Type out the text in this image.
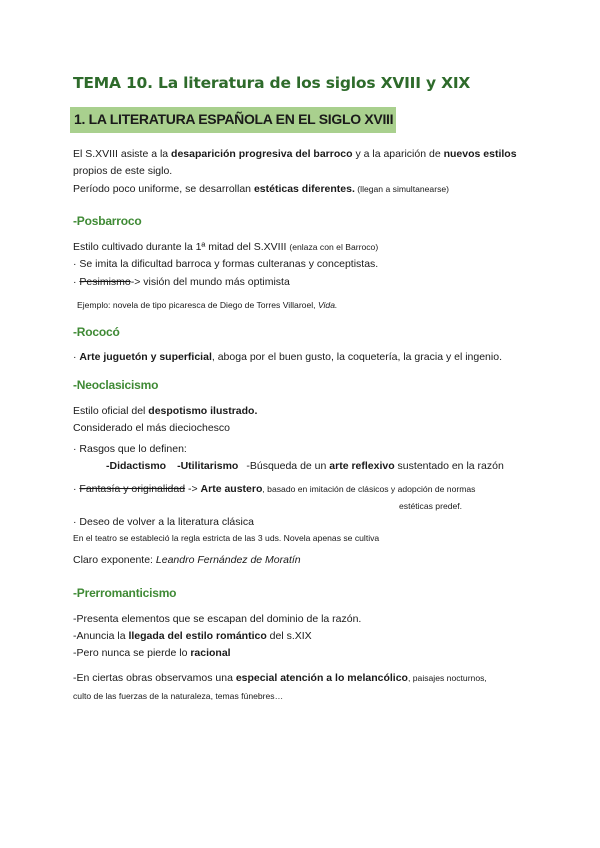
TEMA 10. La literatura de los siglos XVIII y XIX
1. LA LITERATURA ESPAÑOLA EN EL SIGLO XVIII
El S.XVIII asiste a la desaparición progresiva del barroco y a la aparición de nuevos estilos
propios de este siglo.
Período poco uniforme, se desarrollan estéticas diferentes. (llegan a simultanearse)
-Posbarroco
Estilo cultivado durante la 1ª mitad del S.XVIII (enlaza con el Barroco)
· Se imita la dificultad barroca y formas culteranas y conceptistas.
· Pesimismo-> visión del mundo más optimista
Ejemplo: novela de tipo picaresca de Diego de Torres Villaroel, Vida.
-Rococó
· Arte juguetón y superficial, aboga por el buen gusto, la coquetería, la gracia y el ingenio.
-Neoclasicismo
Estilo oficial del despotismo ilustrado.
Considerado el más dieciochesco
· Rasgos que lo definen:
-Didactismo -Utilitarismo -Búsqueda de un arte reflexivo sustentado en la razón
· Fantasía y originalidad -> Arte austero, basado en imitación de clásicos y adopción de normas
estéticas predef.
· Deseo de volver a la literatura clásica
En el teatro se estableció la regla estricta de las 3 uds. Novela apenas se cultiva
Claro exponente: Leandro Fernández de Moratín
-Prerromanticismo
-Presenta elementos que se escapan del dominio de la razón.
-Anuncia la llegada del estilo romántico del s.XIX
-Pero nunca se pierde lo racional
-En ciertas obras observamos una especial atención a lo melancólico, paisajes nocturnos,
culto de las fuerzas de la naturaleza, temas fúnebres…
